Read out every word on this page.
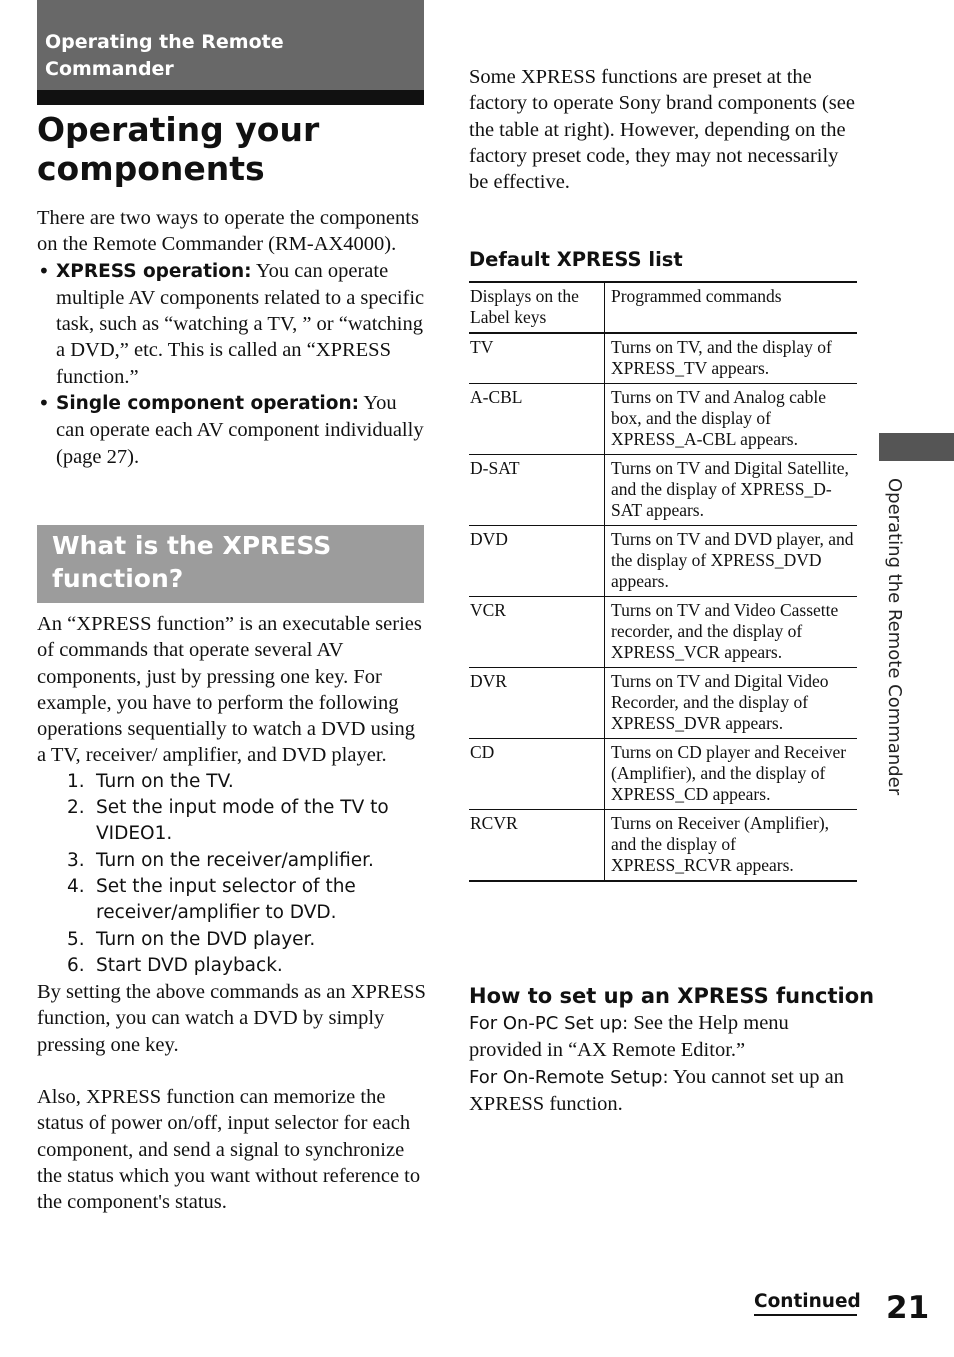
Operating the Remote
Commander
Operating your
components

There are two ways to operate the components on the Remote Commander (RM-AX4000).

• XPRESS operation: You can operate multiple AV components related to a specific task, such as “watching a TV, ” or “watching a DVD,” etc. This is called an “XPRESS function.”
• Single component operation: You can operate each AV component individually (page 27).
What is the XPRESS
function?

An “XPRESS function” is an executable series of commands that operate several AV components, just by pressing one key. For example, you have to perform the following operations sequentially to watch a DVD using a TV, receiver/ amplifier, and DVD player.

1. Turn on the TV.
2. Set the input mode of the TV to VIDEO1.
3. Turn on the receiver/amplifier.
4. Set the input selector of the receiver/amplifier to DVD.
5. Turn on the DVD player.
6. Start DVD playback.

By setting the above commands as an XPRESS function, you can watch a DVD by simply pressing one key.

Also, XPRESS function can memorize the status of power on/off, input selector for each component, and send a signal to synchronize the status which you want without reference to the component's status.

Some XPRESS functions are preset at the factory to operate Sony brand components (see the table at right). However, depending on the factory preset code, they may not necessarily be effective.

Default XPRESS list
Displays on the Label keys	Programmed commands
TV	Turns on TV, and the display of XPRESS_TV appears.
A-CBL	Turns on TV and Analog cable box, and the display of XPRESS_A-CBL appears.
D-SAT	Turns on TV and Digital Satellite, and the display of XPRESS_D-SAT appears.
DVD	Turns on TV and DVD player, and the display of XPRESS_DVD appears.
VCR	Turns on TV and Video Cassette recorder, and the display of XPRESS_VCR appears.
DVR	Turns on TV and Digital Video Recorder, and the display of XPRESS_DVR appears.
CD	Turns on CD player and Receiver (Amplifier), and the display of XPRESS_CD appears.
RCVR	Turns on Receiver (Amplifier), and the display of XPRESS_RCVR appears.
How to set up an XPRESS function

For On-PC Set up: See the Help menu provided in “AX Remote Editor.”

For On-Remote Setup: You cannot set up an XPRESS function.

Operating the Remote Commander
Continued 21
